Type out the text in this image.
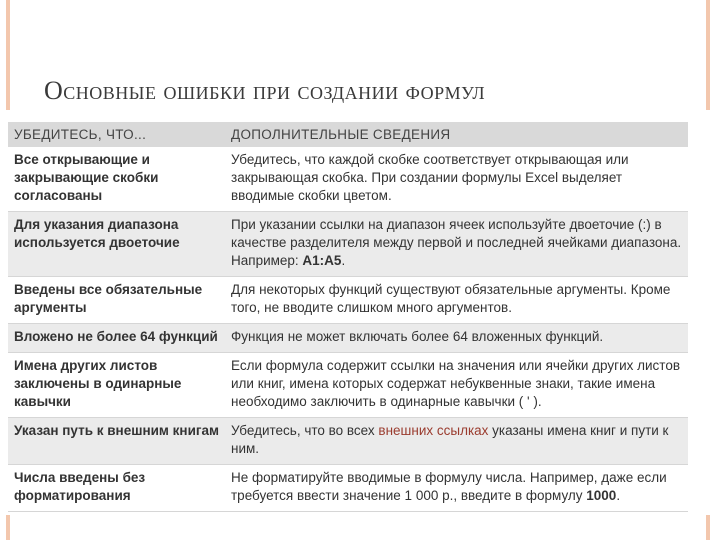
Основные ошибки при создании формул
УБЕДИТЕСЬ, ЧТО...	ДОПОЛНИТЕЛЬНЫЕ СВЕДЕНИЯ
Все открывающие и закрывающие скобки согласованы	Убедитесь, что каждой скобке соответствует открывающая или закрывающая скобка. При создании формулы Excel выделяет вводимые скобки цветом.
Для указания диапазона используется двоеточие	При указании ссылки на диапазон ячеек используйте двоеточие (:) в качестве разделителя между первой и последней ячейками диапазона. Например: A1:A5.
Введены все обязательные аргументы	Для некоторых функций существуют обязательные аргументы. Кроме того, не вводите слишком много аргументов.
Вложено не более 64 функций	Функция не может включать более 64 вложенных функций.
Имена других листов заключены в одинарные кавычки	Если формула содержит ссылки на значения или ячейки других листов или книг, имена которых содержат небуквенные знаки, такие имена необходимо заключить в одинарные кавычки ( ' ).
Указан путь к внешним книгам	Убедитесь, что во всех внешних ссылках указаны имена книг и пути к ним.
Числа введены без форматирования	Не форматируйте вводимые в формулу числа. Например, даже если требуется ввести значение 1 000 р., введите в формулу 1000.
